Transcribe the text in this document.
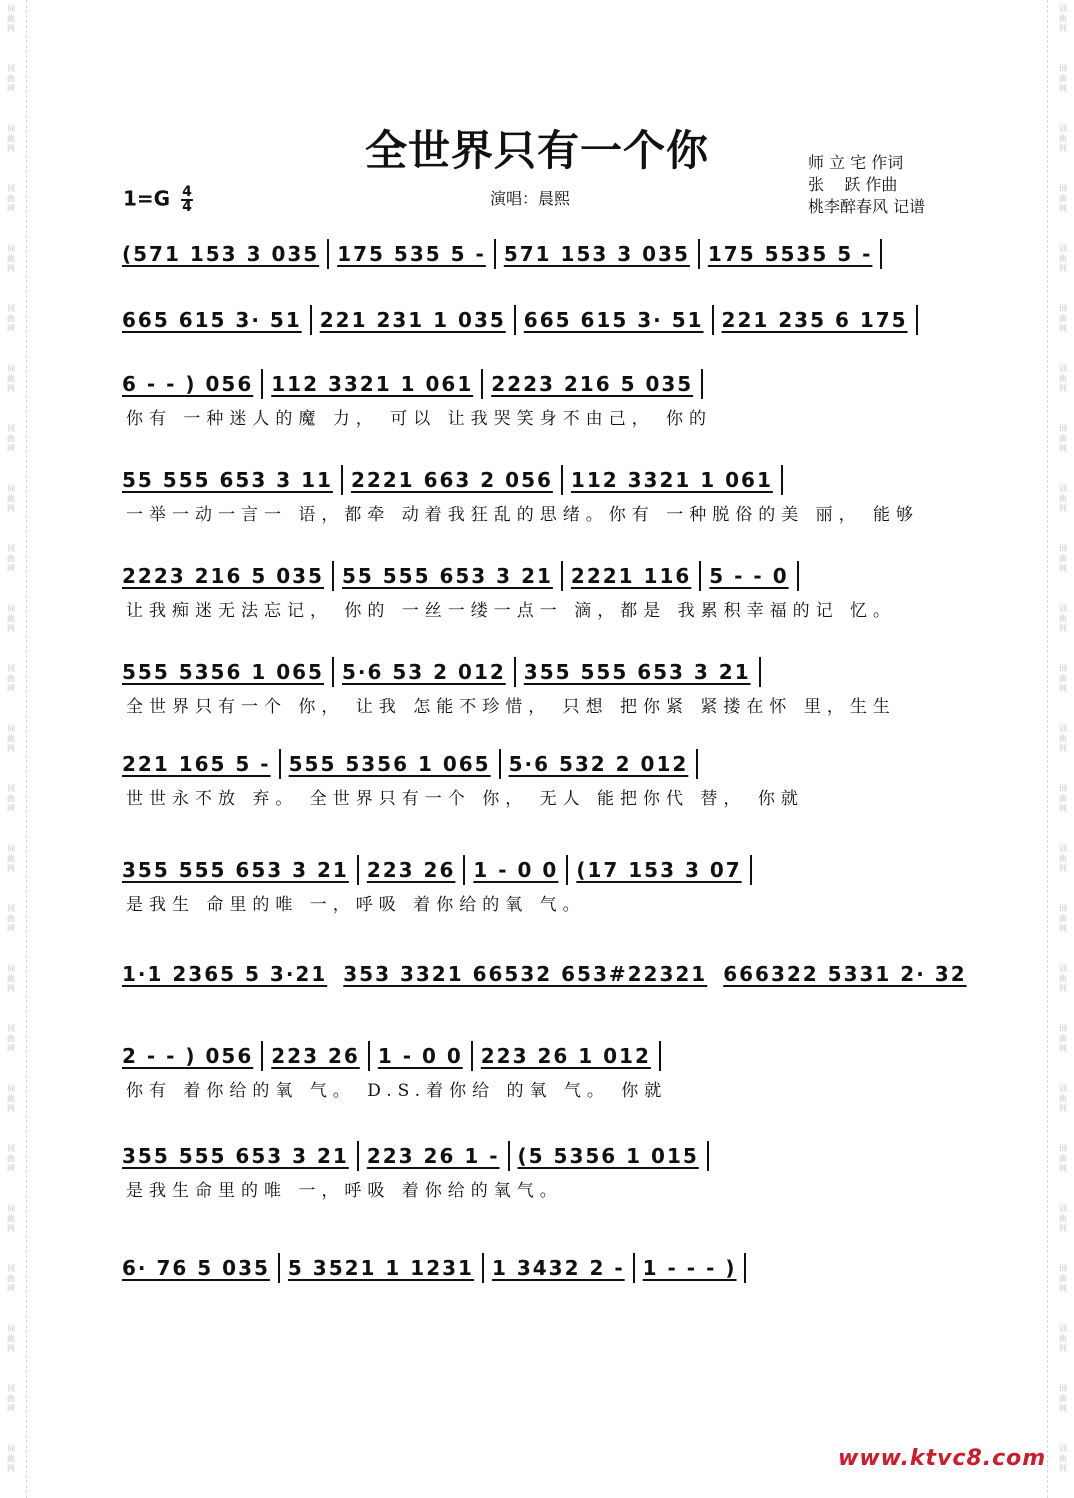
词
曲
网
词
曲
网
词
曲
网
词
曲
网
词
曲
网
词
曲
网
词
曲
网
词
曲
网
词
曲
网
词
曲
网
词
曲
网
词
曲
网
词
曲
网
词
曲
网
词
曲
网
词
曲
网
词
曲
网
词
曲
网
词
曲
网
词
曲
网
词
曲
网
词
曲
网
词
曲
网
词
曲
网
词
曲
网
词
曲
网
词
曲
网
词
曲
网
词
曲
网
词
曲
网
词
曲
网
词
曲
网
词
曲
网
词
曲
网
词
曲
网
词
曲
网
词
曲
网
词
曲
网
词
曲
网
词
曲
网
词
曲
网
词
曲
网
词
曲
网
词
曲
网
词
曲
网
词
曲
网
词
曲
网
词
曲
网
词
曲
网
词
曲
网
全世界只有一个你	师 立 宅 作词
张    跃 作曲
桃李醉春风 记谱
$1=G \frac{4}{4}$	演唱：晨熙
(571 153 3 035 175 535 5 - 571 153 3 035 175 5535 5 -
665 615 3· 51 221 231 1 035 665 615 3· 51 221 235 6 175
6 - - ) 056 112 3321 1 061 2223 216 5 035
你有 一种迷人的魔 力， 可以 让我哭笑身不由己， 你的
55 555 653 3 11 2221 663 2 056 112 3321 1 061
一举一动一言一 语，都牵 动着我狂乱的思绪。你有 一种脱俗的美 丽， 能够
2223 216 5 035 55 555 653 3 21 2221 116 5 - - 0
让我痴迷无法忘记， 你的 一丝一缕一点一 滴，都是 我累积幸福的记 忆。
555 5356 1 065 5·6 53 2 012 355 555 653 3 21
全世界只有一个 你， 让我 怎能不珍惜， 只想 把你紧 紧搂在怀 里，生生
221 165 5 - 555 5356 1 065 5·6 532 2 012
世世永不放 弃。 全世界只有一个 你， 无人 能把你代 替， 你就
355 555 653 3 21 223 26 1 - 0 0 (17 153 3 07
是我生 命里的唯 一，呼吸 着你给的氧 气。
1·1 2365 5 3·21 353 3321 66532 653#22321 666322 5331 2· 32
2 - - ) 056 223 26 1 - 0 0 223 26 1 012
你有 着你给的氧 气。 D.S.着你给 的氧 气。 你就
355 555 653 3 21 223 26 1 - (5 5356 1 015
是我生命里的唯 一，呼吸 着你给的氧气。
6· 76 5 035 5 3521 1 1231 1 3432 2 - 1 - - - )
www.ktvc8.com
